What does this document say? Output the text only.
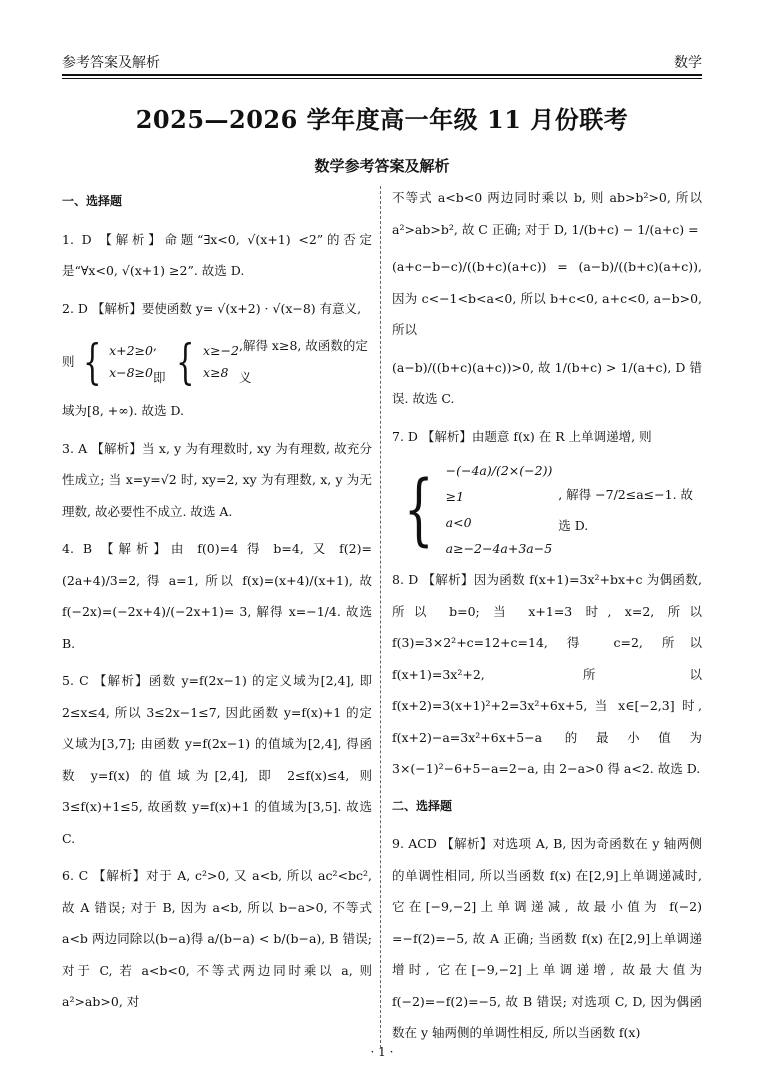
参考答案及解析	数学
2025—2026 学年度高一年级 11 月份联考
数学参考答案及解析
一、选择题
1. D 【解析】命题“∃x<0, √(x+1) <2”的否定是“∀x<0, √(x+1) ≥2”. 故选 D.
2. D 【解析】要使函数 y= √(x+2) · √(x−8) 有意义,
则 { x+2≥0
x−8≥0
,即 { x≥−2
x≥8
,解得 x≥8, 故函数的定义
域为[8, +∞). 故选 D.
3. A 【解析】当 x, y 为有理数时, xy 为有理数, 故充分性成立; 当 x=y=√2 时, xy=2, xy 为有理数, x, y 为无理数, 故必要性不成立. 故选 A.
4. B 【解析】由 f(0)=4 得 b=4, 又 f(2)=(2a+4)/3=2, 得 a=1, 所以 f(x)=(x+4)/(x+1), 故 f(−2x)=(−2x+4)/(−2x+1)= 3, 解得 x=−1/4. 故选 B.
5. C 【解析】函数 y=f(2x−1) 的定义域为[2,4], 即 2≤x≤4, 所以 3≤2x−1≤7, 因此函数 y=f(x)+1 的定义域为[3,7]; 由函数 y=f(2x−1) 的值域为[2,4], 得函数 y=f(x) 的值域为[2,4], 即 2≤f(x)≤4, 则 3≤f(x)+1≤5, 故函数 y=f(x)+1 的值域为[3,5]. 故选 C.
6. C 【解析】对于 A, c²>0, 又 a<b, 所以 ac²<bc², 故 A 错误; 对于 B, 因为 a<b, 所以 b−a>0, 不等式 a<b 两边同除以(b−a)得 a/(b−a) < b/(b−a), B 错误; 对于 C, 若 a<b<0, 不等式两边同时乘以 a, 则 a²>ab>0, 对
不等式 a<b<0 两边同时乘以 b, 则 ab>b²>0, 所以 a²>ab>b², 故 C 正确; 对于 D, 1/(b+c) − 1/(a+c) =
(a+c−b−c)/((b+c)(a+c)) = (a−b)/((b+c)(a+c)), 因为 c<−1<b<a<0, 所以 b+c<0, a+c<0, a−b>0, 所以
(a−b)/((b+c)(a+c))>0, 故 1/(b+c) > 1/(a+c), D 错误. 故选 C.
7. D 【解析】由题意 f(x) 在 R 上单调递增, 则
{ −(−4a)/(2×(−2)) ≥1
a<0
a≥−2−4a+3a−5
, 解得 −7/2≤a≤−1. 故选 D.
8. D 【解析】因为函数 f(x+1)=3x²+bx+c 为偶函数, 所以 b=0; 当 x+1=3 时, x=2, 所以 f(3)=3×2²+c=12+c=14, 得 c=2, 所以 f(x+1)=3x²+2, 所以 f(x+2)=3(x+1)²+2=3x²+6x+5, 当 x∈[−2,3] 时, f(x+2)−a=3x²+6x+5−a 的最小值为 3×(−1)²−6+5−a=2−a, 由 2−a>0 得 a<2. 故选 D.
二、选择题
9. ACD 【解析】对选项 A, B, 因为奇函数在 y 轴两侧的单调性相同, 所以当函数 f(x) 在[2,9]上单调递减时, 它在[−9,−2]上单调递减, 故最小值为 f(−2) =−f(2)=−5, 故 A 正确; 当函数 f(x) 在[2,9]上单调递增时, 它在[−9,−2]上单调递增, 故最大值为 f(−2)=−f(2)=−5, 故 B 错误; 对选项 C, D, 因为偶函数在 y 轴两侧的单调性相反, 所以当函数 f(x)
· 1 ·
